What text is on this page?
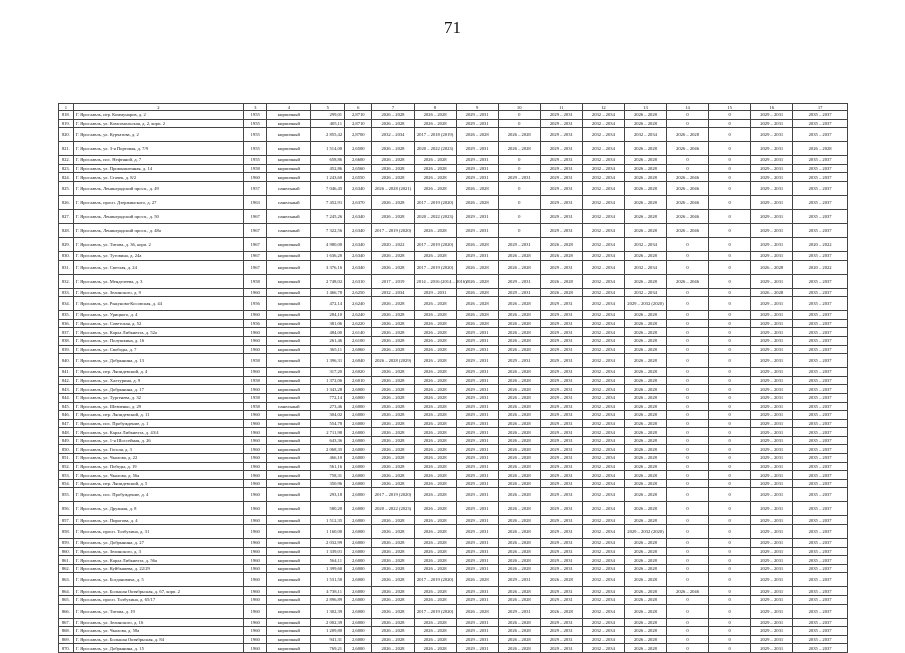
71
1	2	3	4	5	6	7	8	9	10	11	12	13	14	15	16	17
818.	Г. Ярославль, пер. Коммунаров, д. 2	1955	кирпичный	299,01	2,8710	2026 – 2028	2026 – 2028	2029 – 2031	0	2029 – 2031	2032 – 2034	2026 – 2028	0	0	2029 – 2031	2035 – 2037
819.	Г. Ярославль, ул. Комсомольская, д. 2, корп. 2	1955	кирпичный	405,11	2,8710	2026 – 2028	2026 – 2028	2029 – 2031	0	2029 – 2031	2032 – 2034	2026 – 2028	0	0	2029 – 2031	2035 – 2037
820.	Г. Ярославль, ул. Курчатова, д. 2	1955	кирпичный	2 855,42	2,8700	2032 – 2034	2017 – 2018 (2019)	2026 – 2028	2026 – 2028	2029 – 2031	2032 – 2034	2032 – 2034	2026 – 2028	0	2029 – 2031	2035 – 2037
821.	Г. Ярославль, ул. 3-я Портовая, д. 7/9	1955	кирпичный	1 514,00	2,6500	2026 – 2028	2020 – 2022 (2023)	2029 – 2031	2026 – 2028	2029 – 2031	2032 – 2034	2026 – 2028	2026 – 2046	0	2029 – 2031	2026 – 2028
822.	Г. Ярославль, пос. Нефтяной, д. 7	1955	кирпичный	658,86	2,6600	2026 – 2028	2026 – 2028	2029 – 2031	0	2029 – 2031	2032 – 2034	2026 – 2028	0	0	2029 – 2031	2035 – 2037
823.	Г. Ярославль, ул. Промышленная, д. 14	1958	кирпичный	452,86	2,6560	2026 – 2028	2026 – 2028	2029 – 2031	0	2029 – 2031	2032 – 2034	2026 – 2028	0	0	2029 – 2031	2035 – 2037
824.	Г. Ярославль, ул. Стачек, д. 8/2	1960	кирпичный	1 243,60	2,6550	2026 – 2028	2026 – 2028	2029 – 2031	2029 – 2031	2029 – 2031	2032 – 2034	2026 – 2028	2026 – 2046	0	2029 – 2031	2035 – 2037
825.	Г. Ярославль, Ленинградский просп., д. 49	1957	панельный	7 046,45	2,6340	2026 – 2028 (2021)	2026 – 2028	2026 – 2028	0	2029 – 2031	2032 – 2034	2026 – 2028	2026 – 2046	0	2029 – 2031	2035 – 2037
826.	Г. Ярославль, просп. Дзержинского, д. 27	1963	панельный	7 452,91	2,6370	2026 – 2028	2017 – 2019 (2020)	2026 – 2028	0	2029 – 2031	2032 – 2034	2026 – 2028	2026 – 2046	0	2029 – 2031	2035 – 2037
827.	Г. Ярославль, Ленинградский просп., д. 50	1967	панельный	7 245,26	2,6340	2026 – 2028	2020 – 2022 (2023)	2029 – 2031	0	2029 – 2031	2032 – 2034	2026 – 2028	2026 – 2046	0	2029 – 2031	2035 – 2037
828.	Г. Ярославль, Ленинградский просп., д. 48а	1967	панельный	7 322,56	2,6340	2017 – 2019 (2020)	2026 – 2028	2029 – 2031	0	2029 – 2031	2032 – 2034	2026 – 2028	2026 – 2046	0	2029 – 2031	2035 – 2037
829.	Г. Ярославль, ул. Титова, д. 36, корп. 2	1967	кирпичный	4 980,00	2,6340	2020 – 2022	2017 – 2019 (2020)	2026 – 2028	2029 – 2031	2026 – 2028	2032 – 2034	2032 – 2034	0	0	2029 – 2031	2020 – 2022
830.	Г. Ярославль, ул. Туговина, д. 24а	1967	кирпичный	1 636,20	2,6340	2026 – 2028	2026 – 2028	2029 – 2031	2026 – 2028	2026 – 2028	2032 – 2034	2026 – 2028	0	0	2029 – 2031	2035 – 2037
831.	Г. Ярославль, ул. Светлая, д. 24	1967	кирпичный	3 376,16	2,6340	2026 – 2028	2017 – 2019 (2020)	2026 – 2028	2026 – 2028	2029 – 2031	2032 – 2034	2032 – 2034	0	0	2026 – 2028	2020 – 2022
832.	Г. Ярославль, ул. Менделеева, д. 3	1958	кирпичный	2 748,02	2,6310	2017 – 2019	2014 – 2016 (2014 – 2016)	2026 – 2028	2029 – 2031	2026 – 2028	2032 – 2034	2026 – 2028	2026 – 2046	0	2029 – 2031	2035 – 2037
833.	Г. Ярославль, ул. Зелинского, д. 9	1960	кирпичный	1 466,78	2,6250	2032 – 2034	2029 – 2031	2026 – 2028	2029 – 2031	2026 – 2028	2032 – 2034	2032 – 2034	0	0	2026 – 2028	2035 – 2037
834.	Г. Ярославль, ул. Рыкунова-Косовская, д. 44	1956	кирпичный	472,14	2,6240	2026 – 2028	2026 – 2028	2026 – 2028	2026 – 2028	2029 – 2031	2032 – 2034	2029 – 2032 (2020)	0	0	2029 – 2031	2035 – 2037
835.	Г. Ярославль, ул. Урицкого, д. 4	1960	кирпичный	284,10	2,6240	2026 – 2028	2026 – 2028	2026 – 2028	2026 – 2028	2029 – 2031	2032 – 2034	2026 – 2028	0	0	2029 – 2031	2035 – 2037
836.	Г. Ярославль, ул. Советская, д. 52	1956	кирпичный	381,06	2,6220	2026 – 2028	2026 – 2028	2026 – 2028	2026 – 2028	2029 – 2031	2032 – 2034	2026 – 2028	0	0	2029 – 2031	2035 – 2037
837.	Г. Ярославль, ул. Карла Либкнехта, д. 52а	1960	кирпичный	484,00	2,6140	2026 – 2028	2026 – 2028	2029 – 2031	2026 – 2028	2029 – 2031	2032 – 2034	2026 – 2028	0	0	2029 – 2031	2035 – 2037
838.	Г. Ярославль, ул. Полушкина, д. 16	1960	кирпичный	261,46	2,6100	2026 – 2028	2026 – 2028	2029 – 2031	2026 – 2028	2029 – 2031	2032 – 2034	2026 – 2028	0	0	2029 – 2031	2035 – 2037
839.	Г. Ярославль, ул. Свободы, д. 7	1960	кирпичный	365,11	2,6060	2026 – 2028	2026 – 2028	2029 – 2031	2026 – 2028	2029 – 2031	2032 – 2034	2026 – 2028	0	0	2029 – 2031	2035 – 2037
840.	Г. Ярославль, ул. Добрынина, д. 13	1958	кирпичный	1 396,31	2,6040	2026 – 2028 (2029)	2026 – 2028	2029 – 2031	2029 – 2031	2029 – 2031	2032 – 2034	2026 – 2028	0	0	2029 – 2031	2035 – 2037
841.	Г. Ярославль, пер. Ляпидевский, д. 4	1960	кирпичный	317,20	2,6020	2026 – 2028	2026 – 2028	2029 – 2031	2026 – 2028	2029 – 2031	2032 – 2034	2026 – 2028	0	0	2029 – 2031	2035 – 2037
842.	Г. Ярославль, ул. Халтурина, д. 9	1958	кирпичный	1 372,06	2,6010	2026 – 2028	2026 – 2028	2029 – 2031	2026 – 2028	2029 – 2031	2032 – 2034	2026 – 2028	0	0	2029 – 2031	2035 – 2037
843.	Г. Ярославль, ул. Добрынина, д. 17	1960	кирпичный	1 343,28	2,6000	2026 – 2028	2026 – 2028	2029 – 2031	2026 – 2028	2029 – 2031	2032 – 2034	2026 – 2028	0	0	2029 – 2031	2035 – 2037
844.	Г. Ярославль, ул. Тургенева, д. 32	1958	кирпичный	772,14	2,6000	2026 – 2028	2026 – 2028	2029 – 2031	2026 – 2028	2029 – 2031	2032 – 2034	2026 – 2028	0	0	2029 – 2031	2035 – 2037
845.	Г. Ярославль, ул. Шевченко, д. 29	1958	панельный	273,46	2,6000	2026 – 2028	2026 – 2028	2029 – 2031	2026 – 2028	2029 – 2031	2032 – 2034	2026 – 2028	0	0	2029 – 2031	2035 – 2037
846.	Г. Ярославль, пер. Ляпидевский, д. 11	1960	кирпичный	304,02	2,6000	2026 – 2028	2026 – 2028	2029 – 2031	2026 – 2028	2029 – 2031	2032 – 2034	2026 – 2028	0	0	2029 – 2031	2035 – 2037
847.	Г. Ярославль, пос. Пробуждение, д. 1	1960	кирпичный	554,78	2,6000	2026 – 2028	2026 – 2028	2029 – 2031	2026 – 2028	2029 – 2031	2032 – 2034	2026 – 2028	0	0	2029 – 2031	2035 – 2037
848.	Г. Ярославль, ул. Карла Либкнехта, д. 43/4	1960	кирпичный	2 711,98	2,6000	2026 – 2028	2026 – 2028	2029 – 2031	2026 – 2028	2029 – 2031	2032 – 2034	2026 – 2028	0	0	2029 – 2031	2035 – 2037
849.	Г. Ярославль, ул. 1-я Шоссейная, д. 26	1960	кирпичный	643,36	2,6000	2026 – 2028	2026 – 2028	2029 – 2031	2026 – 2028	2029 – 2031	2032 – 2034	2026 – 2028	0	0	2029 – 2031	2035 – 2037
850.	Г. Ярославль, ул. Гоголя, д. 3	1960	кирпичный	2 068,35	2,6000	2026 – 2028	2026 – 2028	2029 – 2031	2026 – 2028	2029 – 2031	2032 – 2034	2026 – 2028	0	0	2029 – 2031	2035 – 2037
851.	Г. Ярославль, ул. Чкалова, д. 22	1960	кирпичный	466,10	2,6000	2026 – 2028	2026 – 2028	2029 – 2031	2026 – 2028	2029 – 2031	2032 – 2034	2026 – 2028	0	0	2029 – 2031	2035 – 2037
852.	Г. Ярославль, ул. Победы, д. 19	1960	кирпичный	561,16	2,6000	2026 – 2028	2026 – 2028	2029 – 2031	2026 – 2028	2029 – 2031	2032 – 2034	2026 – 2028	0	0	2029 – 2031	2035 – 2037
853.	Г. Ярославль, ул. Чкалова, д. 56а	1960	кирпичный	758,31	2,6000	2026 – 2028	2026 – 2028	2029 – 2031	2026 – 2028	2029 – 2031	2032 – 2034	2026 – 2028	0	0	2029 – 2031	2035 – 2037
854.	Г. Ярославль, пер. Ляпидевский, д. 5	1960	кирпичный	350,96	2,6000	2026 – 2028	2026 – 2028	2029 – 2031	2026 – 2028	2029 – 2031	2032 – 2034	2026 – 2028	0	0	2029 – 2031	2035 – 2037
855.	Г. Ярославль, пос. Пробуждение, д. 4	1960	кирпичный	293,18	2,6000	2017 – 2019 (2020)	2026 – 2028	2029 – 2031	2026 – 2028	2029 – 2031	2032 – 2034	2026 – 2028	0	0	2029 – 2031	2035 – 2037
856.	Г. Ярославль, ул. Дружная, д. 8	1960	кирпичный	580,20	2,6000	2020 – 2022 (2023)	2026 – 2028	2029 – 2031	2026 – 2028	2029 – 2031	2032 – 2034	2026 – 2028	0	0	2029 – 2031	2035 – 2037
857.	Г. Ярославль, ул. Пирогова, д. 4	1960	кирпичный	1 512,35	2,6000	2026 – 2028	2026 – 2028	2029 – 2031	2026 – 2028	2029 – 2031	2032 – 2034	2026 – 2028	0	0	2029 – 2031	2035 – 2037
858.	Г. Ярославль, просп. Толбухина, д. 31	1960	кирпичный	1 160,00	2,6000	2026 – 2028	2026 – 2028	2029 – 2031	2026 – 2028	2029 – 2031	2032 – 2034	2029 – 2032 (2020)	0	0	2029 – 2031	2035 – 2037
859.	Г. Ярославль, ул. Добрынина, д. 27	1960	кирпичный	2 032,99	2,6000	2026 – 2028	2026 – 2028	2029 – 2031	2026 – 2028	2029 – 2031	2032 – 2034	2026 – 2028	0	0	2029 – 2031	2035 – 2037
860.	Г. Ярославль, ул. Зелинского, д. 3	1960	кирпичный	1 339,01	2,6000	2026 – 2028	2026 – 2028	2029 – 2031	2026 – 2028	2029 – 2031	2032 – 2034	2026 – 2028	0	0	2029 – 2031	2035 – 2037
861.	Г. Ярославль, ул. Карла Либкнехта, д. 56а	1960	кирпичный	564,11	2,6000	2026 – 2028	2026 – 2028	2029 – 2031	2026 – 2028	2029 – 2031	2032 – 2034	2026 – 2028	0	0	2029 – 2031	2035 – 2037
862.	Г. Ярославль, ул. Куйбышева, д. 22/29	1960	кирпичный	1 399,60	2,6000	2026 – 2028	2026 – 2028	2029 – 2031	2026 – 2028	2029 – 2031	2032 – 2034	2026 – 2028	0	0	2029 – 2031	2035 – 2037
863.	Г. Ярославль, ул. Богдановича, д. 5	1960	кирпичный	1 531,50	2,6000	2026 – 2028	2017 – 2019 (2020)	2026 – 2028	2029 – 2031	2026 – 2028	2032 – 2034	2026 – 2028	0	0	2029 – 2031	2035 – 2037
864.	Г. Ярославль, ул. Большая Октябрьская, д. 67, корп. 2	1960	кирпичный	4 738,11	2,6000	2026 – 2028	2026 – 2028	2029 – 2031	2026 – 2028	2029 – 2031	2032 – 2034	2026 – 2028	2026 – 2046	0	2029 – 2031	2035 – 2037
865.	Г. Ярославль, просп. Толбухина, д. 65/17	1960	кирпичный	2 896,89	2,6000	2026 – 2028	2026 – 2028	2029 – 2031	2026 – 2028	2029 – 2031	2032 – 2034	2026 – 2028	0	0	2029 – 2031	2035 – 2037
866.	Г. Ярославль, ул. Титова, д. 19	1960	кирпичный	1 302,39	2,6000	2026 – 2028	2017 – 2019 (2020)	2026 – 2028	2029 – 2031	2026 – 2028	2032 – 2034	2026 – 2028	0	0	2029 – 2031	2035 – 2037
867.	Г. Ярославль, ул. Зелинского, д. 16	1960	кирпичный	2 002,39	2,6000	2026 – 2028	2026 – 2028	2029 – 2031	2026 – 2028	2029 – 2031	2032 – 2034	2026 – 2028	0	0	2029 – 2031	2035 – 2037
868.	Г. Ярославль, ул. Чкалова, д. 58а	1960	кирпичный	1 209,80	2,6000	2026 – 2028	2026 – 2028	2029 – 2031	2026 – 2028	2029 – 2031	2032 – 2034	2026 – 2028	0	0	2029 – 2031	2035 – 2037
869.	Г. Ярославль, ул. Большая Октябрьская, д. 84	1960	кирпичный	941,31	2,6000	2026 – 2028	2026 – 2028	2029 – 2031	2026 – 2028	2029 – 2031	2032 – 2034	2026 – 2028	0	0	2029 – 2031	2035 – 2037
870.	Г. Ярославль, ул. Добрынина, д. 15	1960	кирпичный	769,21	2,6000	2026 – 2028	2026 – 2028	2029 – 2031	2026 – 2028	2029 – 2031	2032 – 2034	2026 – 2028	0	0	2029 – 2031	2035 – 2037
